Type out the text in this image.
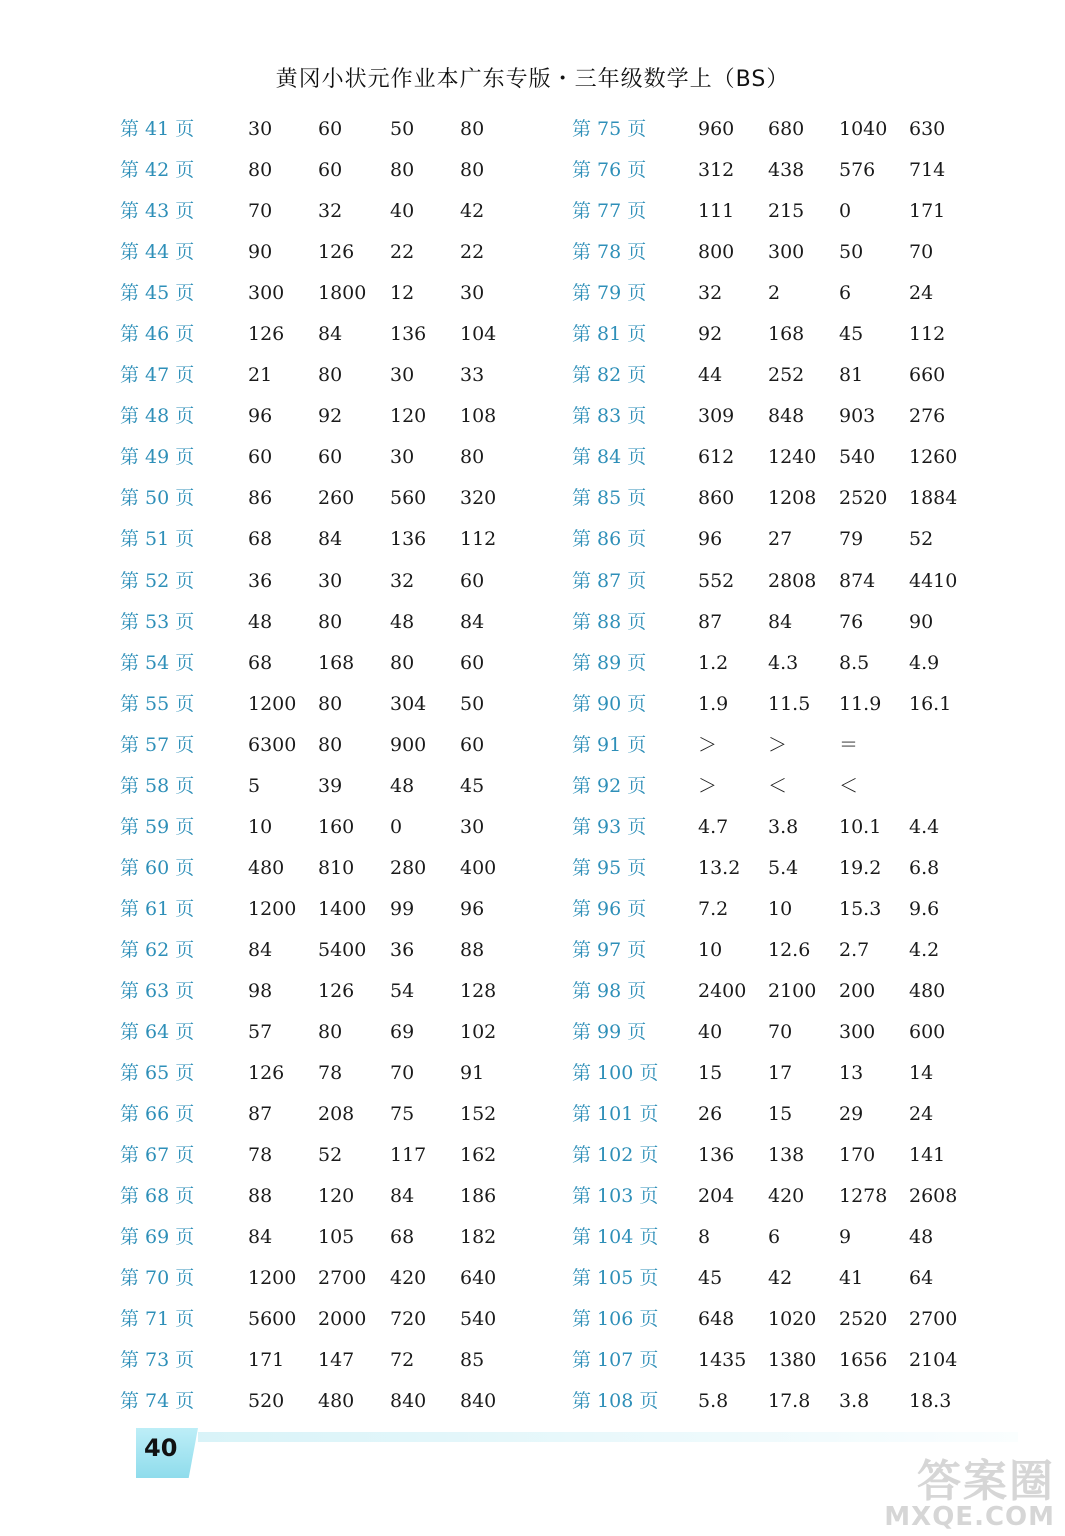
黄冈小状元作业本广东专版・三年级数学上（BS）
第 41 页	30 60	50 80
第 42 页	80 60	80 80
第 43 页	70 32	40 42
第 44 页	90 126 22 22
第 45 页	300 1800 12 30
第 46 页	126 84	136 104
第 47 页	21 80	30 33
第 48 页	96 92	120 108
第 49 页	60 60	30 80
第 50 页	86 260 560 320
第 51 页	68 84	136 112
第 52 页	36 30	32 60
第 53 页	48 80	48 84
第 54 页	68 168 80 60
第 55 页	1200 80	304 50
第 57 页	6300 80	900 60
第 58 页	5	39	48 45
第 59 页	10 160 0	30
第 60 页	480 810 280 400
第 61 页	1200 1400 99 96
第 62 页	84 5400 36 88
第 63 页	98 126 54 128
第 64 页	57 80	69 102
第 65 页	126 78	70 91
第 66 页	87 208 75 152
第 67 页	78 52	117 162
第 68 页	88 120 84 186
第 69 页	84 105 68 182
第 70 页	1200 2700 420 640
第 71 页	5600 2000 720 540
第 73 页	171 147 72 85
第 74 页	520 480 840 840
第 75 页	960 680 1040 630
第 76 页	312 438 576 714
第 77 页	111 215 0	171
第 78 页	800 300 50 70
第 79 页	32 2	6	24
第 81 页	92 168 45 112
第 82 页	44 252 81 660
第 83 页	309 848 903 276
第 84 页	612 1240 540 1260
第 85 页	860 1208 2520 1884
第 86 页	96 27 79 52
第 87 页	552 2808 874 4410
第 88 页	87 84 76 90
第 89 页	1.2 4.3 8.5 4.9
第 90 页	1.9 11.5 11.9 16.1
第 91 页	＞	＞	＝
第 92 页	＞	＜	＜
第 93 页	4.7 3.8 10.1 4.4
第 95 页	13.2 5.4 19.2 6.8
第 96 页	7.2 10 15.3 9.6
第 97 页	10 12.6 2.7 4.2
第 98 页	2400 2100 200 480
第 99 页	40 70 300 600
第 100 页 15 17 13 14
第 101 页 26 15 29 24
第 102 页 136 138 170 141
第 103 页 204 420 1278 2608
第 104 页 8	6	9	48
第 105 页 45 42 41 64
第 106 页 648 1020 2520 2700
第 107 页 1435 1380 1656 2104
第 108 页 5.8 17.8 3.8 18.3
40
答案圈
MXQE.COM
